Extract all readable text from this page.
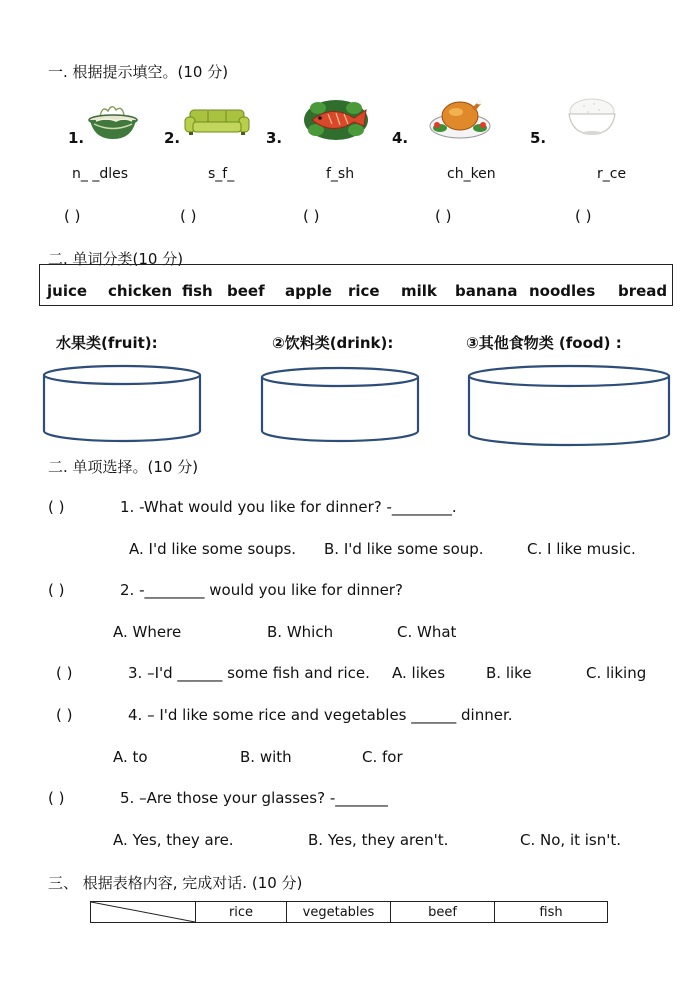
一. 根据提示填空。(10 分)
1.	2.	3.	4.	5.
n_ _dles	s_f_	f_sh	ch_ken	r_ce
( )	( )	( )	( )	( )
二. 单词分类(10 分)
juice chicken fish beef apple rice milk banana noodles bread
水果类(fruit):	②饮料类(drink):	③其他食物类 (food) :
二. 单项选择。(10 分)
( )	1. -What would you like for dinner? -________.
A. I'd like some soups. B. I'd like some soup.	C. I like music.
( )	2. -________ would you like for dinner?
A. Where	B. Which	C. What
( )	3. –I'd ______ some fish and rice. A. likes	B. like	C. liking
( )	4. – I'd like some rice and vegetables ______ dinner.
A. to	B. with	C. for
( )	5. –Are those your glasses? -_______
A. Yes, they are.	B. Yes, they aren't.	C. No, it isn't.
三、 根据表格内容, 完成对话. (10 分)
	rice	vegetables	beef	fish
